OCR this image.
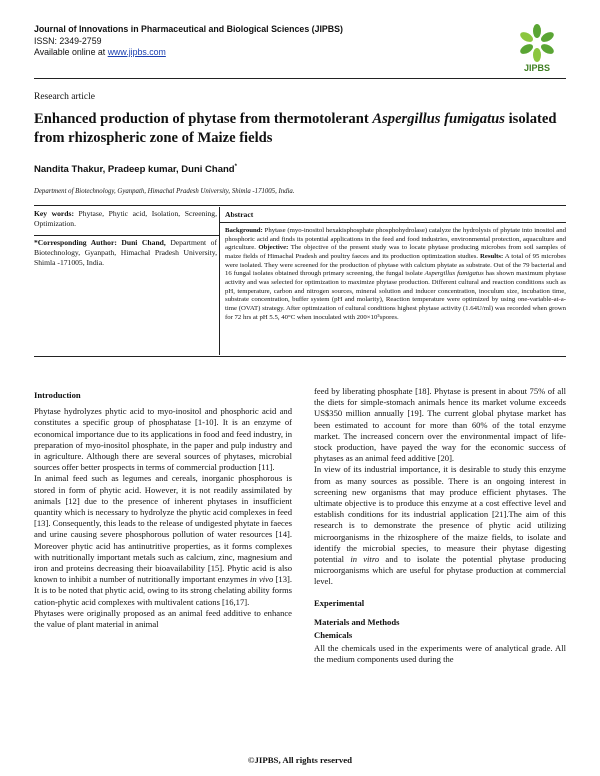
Journal of Innovations in Pharmaceutical and Biological Sciences (JIPBS)
ISSN: 2349-2759
Available online at www.jipbs.com
JIPBS
Research article
Enhanced production of phytase from thermotolerant Aspergillus fumigatus isolated from rhizospheric zone of Maize fields
Nandita Thakur, Pradeep kumar, Duni Chand*
Department of Biotechnology, Gyanpath, Himachal Pradesh University, Shimla -171005, India.
Key words: Phytase, Phytic acid, Isolation, Screening, Optimization.
*Corresponding Author: Duni Chand, Department of Biotechnology, Gyanpath, Himachal Pradesh University, Shimla -171005, India.
Abstract
Background: Phytase (myo-inositol hexakisphosphate phosphohydrolase) catalyze the hydrolysis of phytate into inositol and phosphoric acid and finds its potential applications in the feed and food industries, environmental protection, aquaculture and agriculture. Objective: The objective of the present study was to locate phytase producing microbes from soil samples of maize fields of Himachal Pradesh and poultry faeces and its production optimization studies. Results: A total of 95 microbes were isolated. They were screened for the production of phytase with calcium phytate as substrate. Out of the 79 bacterial and 16 fungal isolates obtained through primary screening, the fungal isolate Aspergillus fumigatus has shown maximum phytase activity and was selected for optimization to maximize phytase production. Different cultural and reaction conditions such as pH, temperature, carbon and nitrogen sources, mineral solution and inducer concentration, inoculum size, incubation time, substrate concentration, buffer system (pH and molarity), Reaction temperature were optimized by using one-variable-at-a-time (OVAT) strategy. After optimization of cultural conditions highest phytase activity (1.64U/ml) was recorded when grown for 72 hrs at pH 5.5, 40°C when inoculated with 200×10⁵spores.

Introduction

Phytase hydrolyzes phytic acid to myo-inositol and phosphoric acid and constitutes a specific group of phosphatase [1-10]. It is an enzyme of economical importance due to its applications in food and feed industry, in preparation of myo-inositol phosphate, in the paper and pulp industry and in agriculture. Although there are several sources of phytases, microbial sources offer better prospects in terms of commercial production [11].

In animal feed such as legumes and cereals, inorganic phosphorous is stored in form of phytic acid. However, it is not readily assimilated by animals [12] due to the presence of inherent phytases in insufficient quantity which is necessary to hydrolyze the phytic acid complexes in feed [13]. Consequently, this leads to the release of undigested phytate in faeces and urine causing severe phosphorous pollution of water resources [14]. Moreover phytic acid has antinutritive properties, as it forms complexes with nutritionally important metals such as calcium, zinc, magnesium and iron and proteins decreasing their bioavailability [15]. Phytic acid is also known to inhibit a number of nutritionally important enzymes in vivo [13]. It is to be noted that phytic acid, owing to its strong chelating ability forms cation-phytic acid complexes with multivalent cations [16,17].

Phytases were originally proposed as an animal feed additive to enhance the value of plant material in animal

feed by liberating phosphate [18]. Phytase is present in about 75% of all the diets for simple-stomach animals hence its market volume exceeds US$350 million annually [19]. The current global phytase market has been estimated to account for more than 60% of the total enzyme market. The increased concern over the environmental impact of life-stock production, have payed the way for the economic success of phytases as an animal feed additive [20].

In view of its industrial importance, it is desirable to study this enzyme from as many sources as possible. There is an ongoing interest in screening new organisms that may produce efficient phytases. The ultimate objective is to produce this enzyme at a cost effective level and establish conditions for its industrial application [21].The aim of this research is to demonstrate the presence of phytic acid utilizing microorganisms in the rhizosphere of the maize fields, to isolate and identify the microbial species, to measure their phytase digesting potential in vitro and to isolate the potential phytase producing microorganisms which are useful for phytase production at commercial level.

Experimental

Materials and Methods

Chemicals

All the chemicals used in the experiments were of analytical grade. All the medium components used during the

©JIPBS, All rights reserved
